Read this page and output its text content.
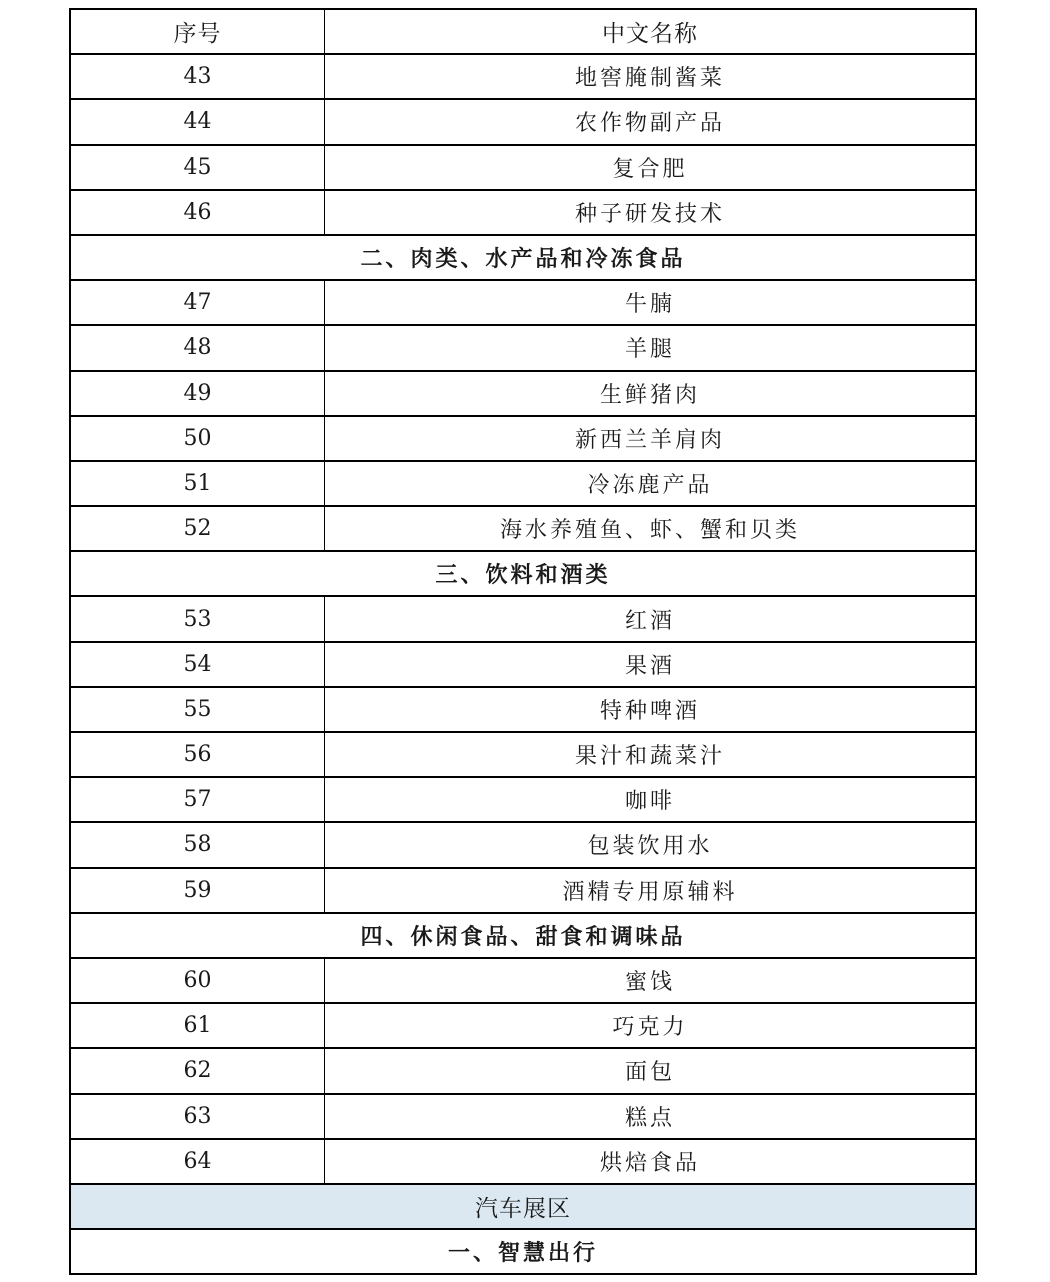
序号	中文名称
43	地窖腌制酱菜
44	农作物副产品
45	复合肥
46	种子研发技术
二、肉类、水产品和冷冻食品
47	牛腩
48	羊腿
49	生鲜猪肉
50	新西兰羊肩肉
51	冷冻鹿产品
52	海水养殖鱼、虾、蟹和贝类
三、饮料和酒类
53	红酒
54	果酒
55	特种啤酒
56	果汁和蔬菜汁
57	咖啡
58	包装饮用水
59	酒精专用原辅料
四、休闲食品、甜食和调味品
60	蜜饯
61	巧克力
62	面包
63	糕点
64	烘焙食品
汽车展区
一、智慧出行
